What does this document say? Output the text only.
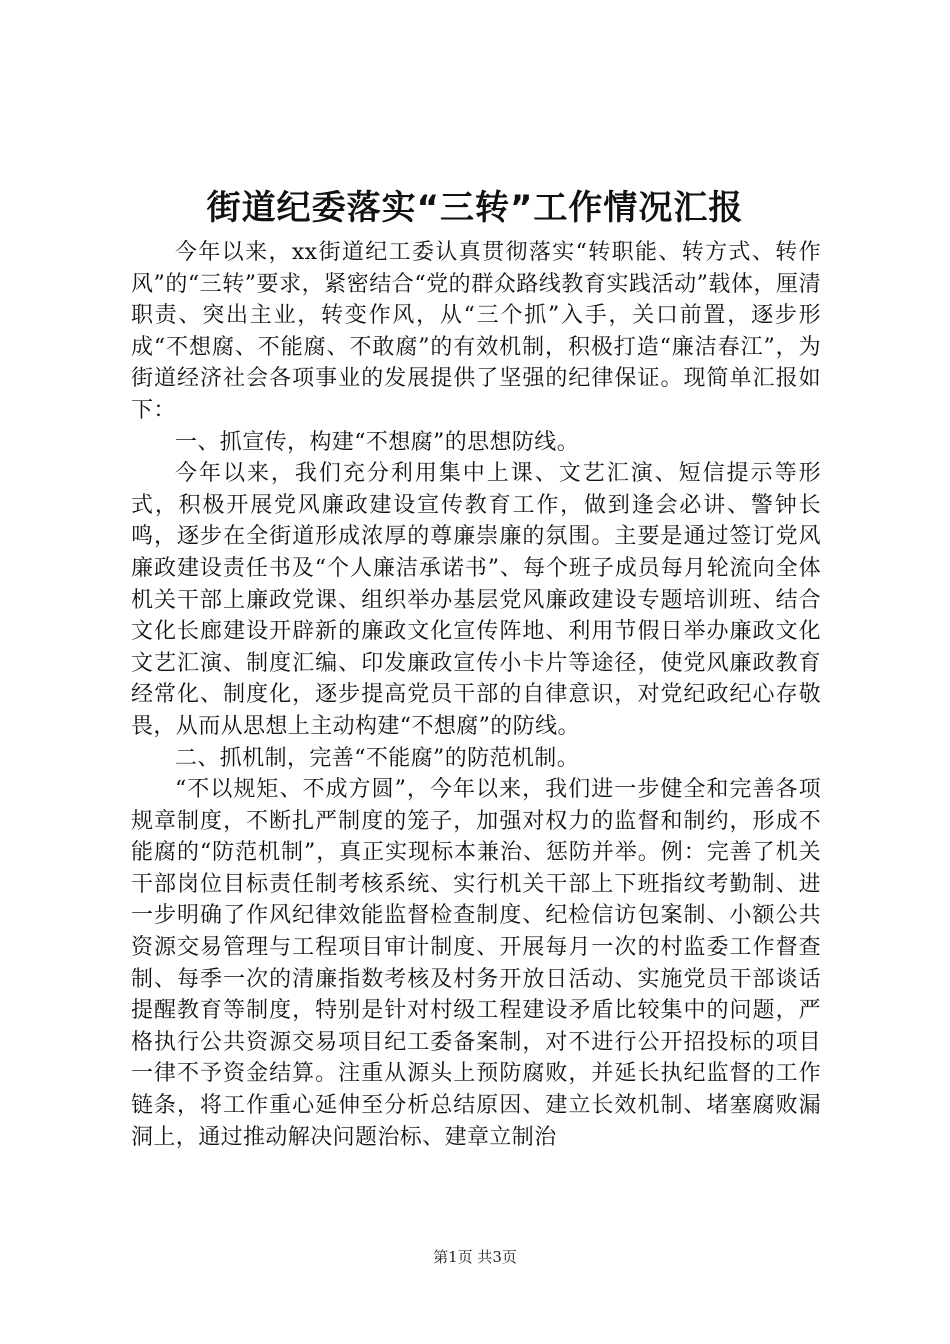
街道纪委落实“三转”工作情况汇报

今年以来，xx街道纪工委认真贯彻落实“转职能、转方式、转作风”的“三转”要求，紧密结合“党的群众路线教育实践活动”载体，厘清职责、突出主业，转变作风，从“三个抓”入手，关口前置，逐步形成“不想腐、不能腐、不敢腐”的有效机制，积极打造“廉洁春江”，为街道经济社会各项事业的发展提供了坚强的纪律保证。现简单汇报如下：

一、抓宣传，构建“不想腐”的思想防线。

今年以来，我们充分利用集中上课、文艺汇演、短信提示等形式，积极开展党风廉政建设宣传教育工作，做到逢会必讲、警钟长鸣，逐步在全街道形成浓厚的尊廉崇廉的氛围。主要是通过签订党风廉政建设责任书及“个人廉洁承诺书”、每个班子成员每月轮流向全体机关干部上廉政党课、组织举办基层党风廉政建设专题培训班、结合文化长廊建设开辟新的廉政文化宣传阵地、利用节假日举办廉政文化文艺汇演、制度汇编、印发廉政宣传小卡片等途径，使党风廉政教育经常化、制度化，逐步提高党员干部的自律意识，对党纪政纪心存敬畏，从而从思想上主动构建“不想腐”的防线。

二、抓机制，完善“不能腐”的防范机制。

“不以规矩、不成方圆”，今年以来，我们进一步健全和完善各项规章制度，不断扎严制度的笼子，加强对权力的监督和制约，形成不能腐的“防范机制”，真正实现标本兼治、惩防并举。例：完善了机关干部岗位目标责任制考核系统、实行机关干部上下班指纹考勤制、进一步明确了作风纪律效能监督检查制度、纪检信访包案制、小额公共资源交易管理与工程项目审计制度、开展每月一次的村监委工作督查制、每季一次的清廉指数考核及村务开放日活动、实施党员干部谈话提醒教育等制度，特别是针对村级工程建设矛盾比较集中的问题，严格执行公共资源交易项目纪工委备案制，对不进行公开招投标的项目一律不予资金结算。注重从源头上预防腐败，并延长执纪监督的工作链条，将工作重心延伸至分析总结原因、建立长效机制、堵塞腐败漏洞上，通过推动解决问题治标、建章立制治

第1页 共3页
